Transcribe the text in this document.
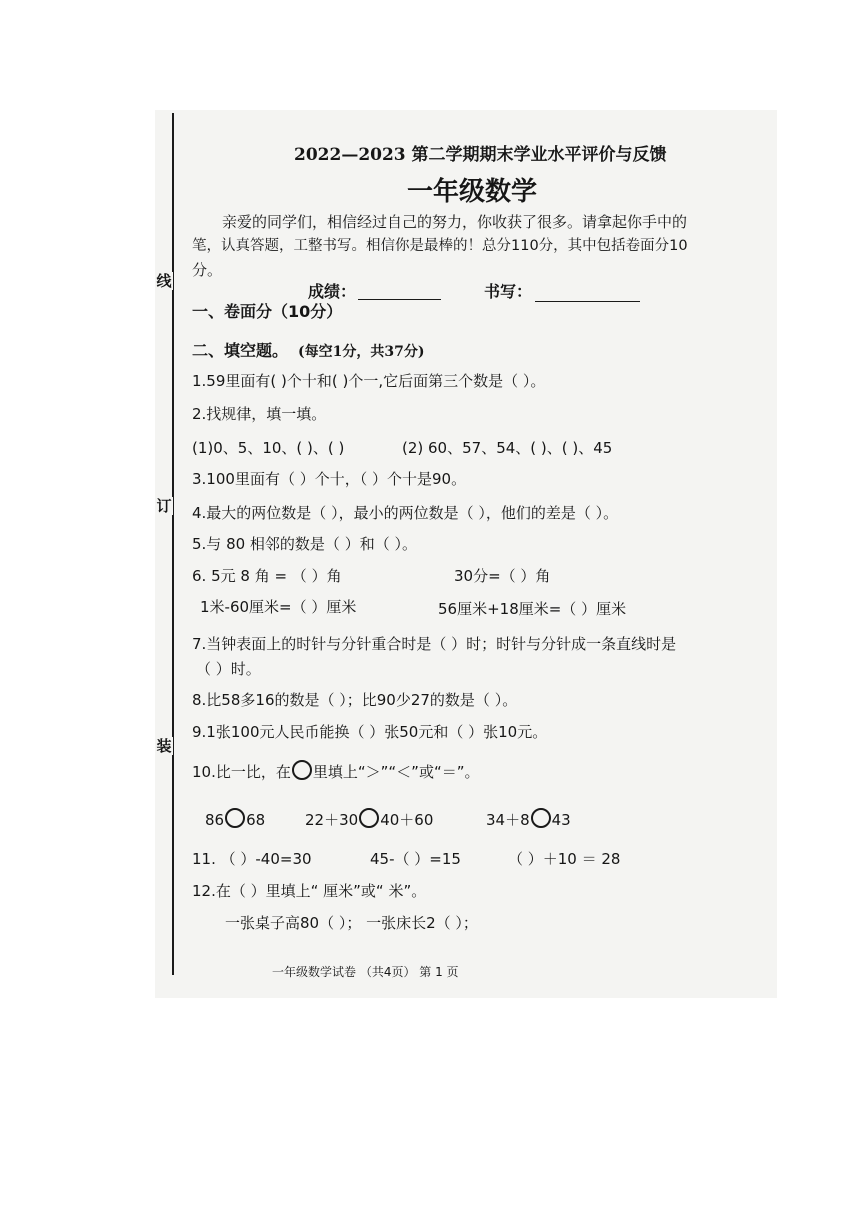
线
订
装
2022—2023 第二学期期末学业水平评价与反馈
一年级数学
亲爱的同学们，相信经过自己的努力，你收获了很多。请拿起你手中的
笔，认真答题，工整书写。相信你是最棒的！总分110分，其中包括卷面分10
分。
成绩：	书写：
一、卷面分（10分）
二、填空题。 (每空1分，共37分)
1.59里面有( )个十和( )个一,它后面第三个数是（ ）。
2.找规律，填一填。
(1)0、5、10、( )、( )	(2) 60、57、54、( )、( )、45
3.100里面有（ ）个十，（ ）个十是90。
4.最大的两位数是（ ），最小的两位数是（ ），他们的差是（ ）。
5.与 80 相邻的数是（ ）和（ ）。
6. 5元 8 角 = （ ）角	30分=（ ）角
1米-60厘米=（ ）厘米	56厘米+18厘米=（ ）厘米
7.当钟表面上的时针与分针重合时是（ ）时；时针与分针成一条直线时是
（ ）时。
8.比58多16的数是（ ）；比90少27的数是（ ）。
9.1张100元人民币能换（ ）张50元和（ ）张10元。
10.比一比，在 里填上“＞”“＜”或“＝”。
86 68	22＋30 40＋60	34＋8 43
11. （ ）-40=30	45-（ ）=15	（ ）＋10 ＝ 28
12.在（ ）里填上“ 厘米”或“ 米”。
一张桌子高80（ ）； 一张床长2（ ）；
一年级数学试卷 （共4页） 第 1 页
